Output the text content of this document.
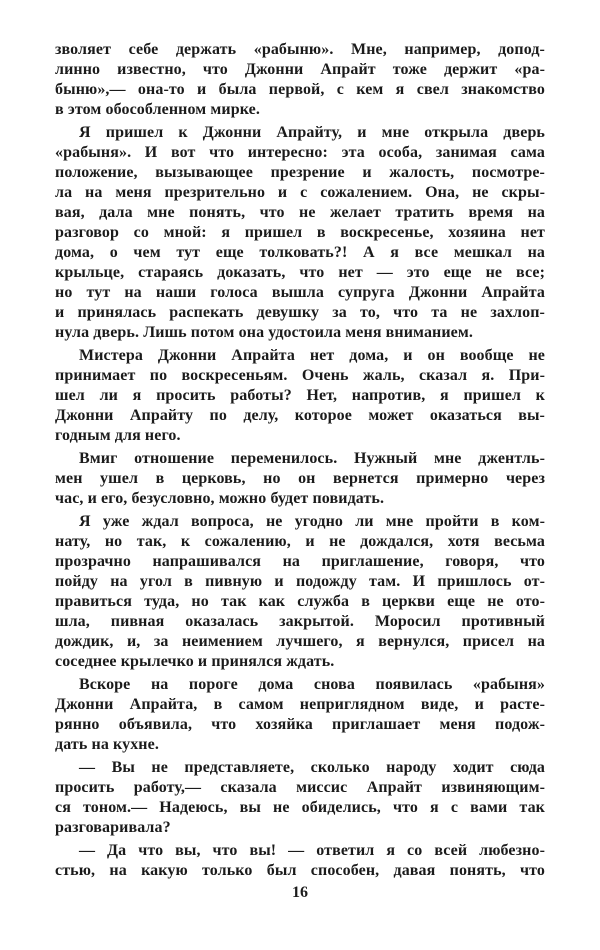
зволяет себе держать «рабыню». Мне, например, допод-
линно известно, что Джонни Апрайт тоже держит «ра-
быню»,— она-то и была первой, с кем я свел знакомство
в этом обособленном мирке.
Я пришел к Джонни Апрайту, и мне открыла дверь
«рабыня». И вот что интересно: эта особа, занимая сама
положение, вызывающее презрение и жалость, посмотре-
ла на меня презрительно и с сожалением. Она, не скры-
вая, дала мне понять, что не желает тратить время на
разговор со мной: я пришел в воскресенье, хозяина нет
дома, о чем тут еще толковать?! А я все мешкал на
крыльце, стараясь доказать, что нет — это еще не все;
но тут на наши голоса вышла супруга Джонни Апрайта
и принялась распекать девушку за то, что та не захлоп-
нула дверь. Лишь потом она удостоила меня вниманием.
Мистера Джонни Апрайта нет дома, и он вообще не
принимает по воскресеньям. Очень жаль, сказал я. При-
шел ли я просить работы? Нет, напротив, я пришел к
Джонни Апрайту по делу, которое может оказаться вы-
годным для него.
Вмиг отношение переменилось. Нужный мне джентль-
мен ушел в церковь, но он вернется примерно через
час, и его, безусловно, можно будет повидать.
Я уже ждал вопроса, не угодно ли мне пройти в ком-
нату, но так, к сожалению, и не дождался, хотя весьма
прозрачно напрашивался на приглашение, говоря, что
пойду на угол в пивную и подожду там. И пришлось от-
правиться туда, но так как служба в церкви еще не ото-
шла, пивная оказалась закрытой. Моросил противный
дождик, и, за неимением лучшего, я вернулся, присел на
соседнее крылечко и принялся ждать.
Вскоре на пороге дома снова появилась «рабыня»
Джонни Апрайта, в самом неприглядном виде, и расте-
рянно объявила, что хозяйка приглашает меня подож-
дать на кухне.
— Вы не представляете, сколько народу ходит сюда
просить работу,— сказала миссис Апрайт извиняющим-
ся тоном.— Надеюсь, вы не обиделись, что я с вами так
разговаривала?
— Да что вы, что вы! — ответил я со всей любезно-
стью, на какую только был способен, давая понять, что
16
